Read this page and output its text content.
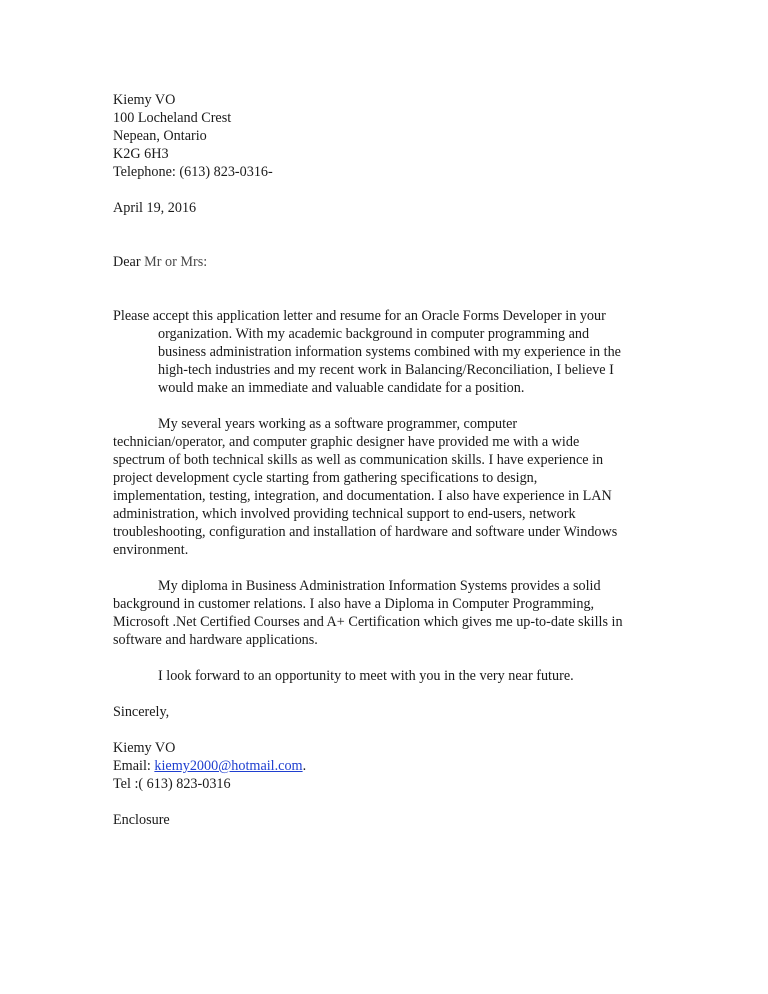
Kiemy VO
100 Locheland Crest
Nepean, Ontario
K2G 6H3
Telephone: (613) 823-0316-
April 19, 2016
Dear Mr or Mrs:
Please accept this application letter and resume for an Oracle Forms Developer in your
organization. With my academic background in computer programming and
business administration information systems combined with my experience in the
high-tech industries and my recent work in Balancing/Reconciliation, I believe I
would make an immediate and valuable candidate for a position.
My several years working as a software programmer, computer
technician/operator, and computer graphic designer have provided me with a wide
spectrum of both technical skills as well as communication skills. I have experience in
project development cycle starting from gathering specifications to design,
implementation, testing, integration, and documentation. I also have experience in LAN
administration, which involved providing technical support to end-users, network
troubleshooting, configuration and installation of hardware and software under Windows
environment.
My diploma in Business Administration Information Systems provides a solid
background in customer relations. I also have a Diploma in Computer Programming,
Microsoft .Net Certified Courses and A+ Certification which gives me up-to-date skills in
software and hardware applications.
I look forward to an opportunity to meet with you in the very near future.
Sincerely,
Kiemy VO
Email: kiemy2000@hotmail.com.
Tel :( 613) 823-0316
Enclosure
